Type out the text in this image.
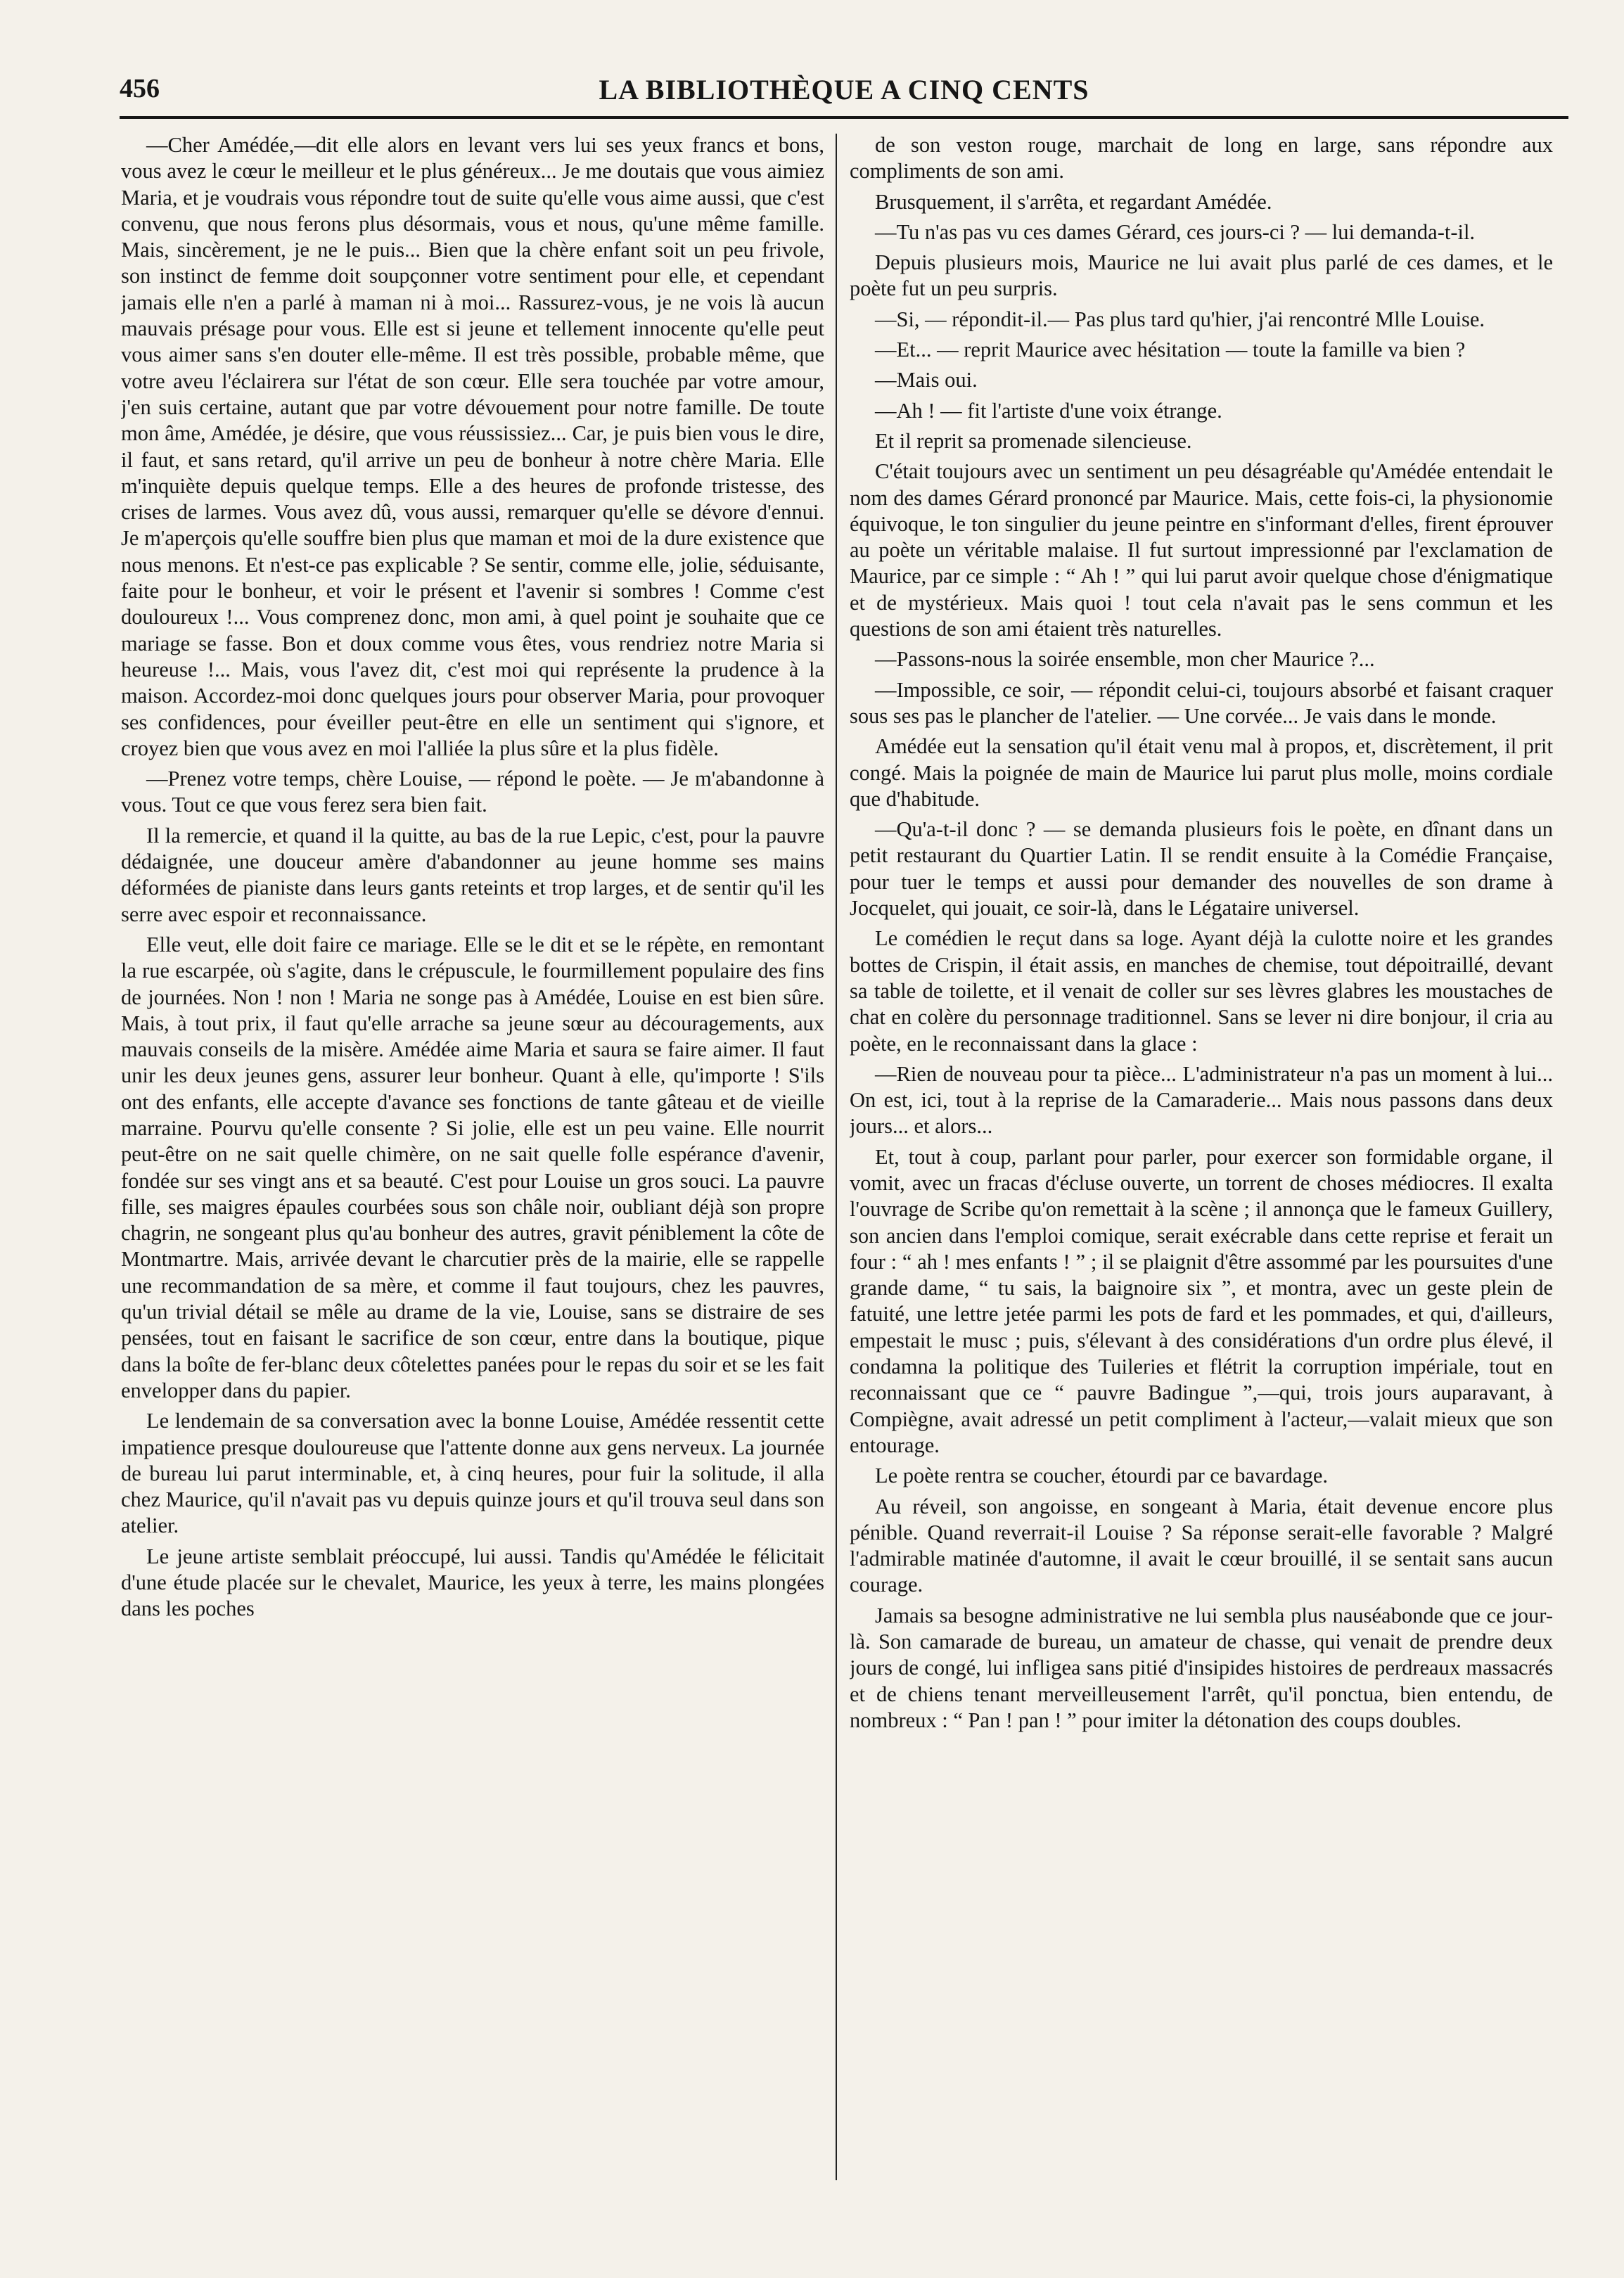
456	LA BIBLIOTHÈQUE A CINQ CENTS

—Cher Amédée,—dit elle alors en levant vers lui ses yeux francs et bons, vous avez le cœur le meilleur et le plus généreux... Je me doutais que vous aimiez Maria, et je voudrais vous répondre tout de suite qu'elle vous aime aussi, que c'est convenu, que nous ferons plus désormais, vous et nous, qu'une même famille. Mais, sincèrement, je ne le puis... Bien que la chère enfant soit un peu frivole, son instinct de femme doit soupçonner votre sentiment pour elle, et cependant jamais elle n'en a parlé à maman ni à moi... Rassurez-vous, je ne vois là aucun mauvais présage pour vous. Elle est si jeune et tellement innocente qu'elle peut vous aimer sans s'en douter elle-même. Il est très possible, probable même, que votre aveu l'éclairera sur l'état de son cœur. Elle sera touchée par votre amour, j'en suis certaine, autant que par votre dévouement pour notre famille. De toute mon âme, Amédée, je désire, que vous réussissiez... Car, je puis bien vous le dire, il faut, et sans retard, qu'il arrive un peu de bonheur à notre chère Maria. Elle m'inquiète depuis quelque temps. Elle a des heures de profonde tristesse, des crises de larmes. Vous avez dû, vous aussi, remarquer qu'elle se dévore d'ennui. Je m'aperçois qu'elle souffre bien plus que maman et moi de la dure existence que nous menons. Et n'est-ce pas explicable ? Se sentir, comme elle, jolie, séduisante, faite pour le bonheur, et voir le présent et l'avenir si sombres ! Comme c'est douloureux !... Vous comprenez donc, mon ami, à quel point je souhaite que ce mariage se fasse. Bon et doux comme vous êtes, vous rendriez notre Maria si heureuse !... Mais, vous l'avez dit, c'est moi qui représente la prudence à la maison. Accordez-moi donc quelques jours pour observer Maria, pour provoquer ses confidences, pour éveiller peut-être en elle un sentiment qui s'ignore, et croyez bien que vous avez en moi l'alliée la plus sûre et la plus fidèle.

—Prenez votre temps, chère Louise, — répond le poète. — Je m'abandonne à vous. Tout ce que vous ferez sera bien fait.

Il la remercie, et quand il la quitte, au bas de la rue Lepic, c'est, pour la pauvre dédaignée, une douceur amère d'abandonner au jeune homme ses mains déformées de pianiste dans leurs gants reteints et trop larges, et de sentir qu'il les serre avec espoir et reconnaissance.

Elle veut, elle doit faire ce mariage. Elle se le dit et se le répète, en remontant la rue escarpée, où s'agite, dans le crépuscule, le fourmillement populaire des fins de journées. Non ! non ! Maria ne songe pas à Amédée, Louise en est bien sûre. Mais, à tout prix, il faut qu'elle arrache sa jeune sœur au découragements, aux mauvais conseils de la misère. Amédée aime Maria et saura se faire aimer. Il faut unir les deux jeunes gens, assurer leur bonheur. Quant à elle, qu'importe ! S'ils ont des enfants, elle accepte d'avance ses fonctions de tante gâteau et de vieille marraine. Pourvu qu'elle consente ? Si jolie, elle est un peu vaine. Elle nourrit peut-être on ne sait quelle chimère, on ne sait quelle folle espérance d'avenir, fondée sur ses vingt ans et sa beauté. C'est pour Louise un gros souci. La pauvre fille, ses maigres épaules courbées sous son châle noir, oubliant déjà son propre chagrin, ne songeant plus qu'au bonheur des autres, gravit péniblement la côte de Montmartre. Mais, arrivée devant le charcutier près de la mairie, elle se rappelle une recommandation de sa mère, et comme il faut toujours, chez les pauvres, qu'un trivial détail se mêle au drame de la vie, Louise, sans se distraire de ses pensées, tout en faisant le sacrifice de son cœur, entre dans la boutique, pique dans la boîte de fer-blanc deux côtelettes panées pour le repas du soir et se les fait envelopper dans du papier.

Le lendemain de sa conversation avec la bonne Louise, Amédée ressentit cette impatience presque douloureuse que l'attente donne aux gens nerveux. La journée de bureau lui parut interminable, et, à cinq heures, pour fuir la solitude, il alla chez Maurice, qu'il n'avait pas vu depuis quinze jours et qu'il trouva seul dans son atelier.

Le jeune artiste semblait préoccupé, lui aussi. Tandis qu'Amédée le félicitait d'une étude placée sur le chevalet, Maurice, les yeux à terre, les mains plongées dans les poches

de son veston rouge, marchait de long en large, sans répondre aux compliments de son ami.

Brusquement, il s'arrêta, et regardant Amédée.

—Tu n'as pas vu ces dames Gérard, ces jours-ci ? — lui demanda-t-il.

Depuis plusieurs mois, Maurice ne lui avait plus parlé de ces dames, et le poète fut un peu surpris.

—Si, — répondit-il.— Pas plus tard qu'hier, j'ai rencontré Mlle Louise.

—Et... — reprit Maurice avec hésitation — toute la famille va bien ?

—Mais oui.

—Ah ! — fit l'artiste d'une voix étrange.

Et il reprit sa promenade silencieuse.

C'était toujours avec un sentiment un peu désagréable qu'Amédée entendait le nom des dames Gérard prononcé par Maurice. Mais, cette fois-ci, la physionomie équivoque, le ton singulier du jeune peintre en s'informant d'elles, firent éprouver au poète un véritable malaise. Il fut surtout impressionné par l'exclamation de Maurice, par ce simple : “ Ah ! ” qui lui parut avoir quelque chose d'énigmatique et de mystérieux. Mais quoi ! tout cela n'avait pas le sens commun et les questions de son ami étaient très naturelles.

—Passons-nous la soirée ensemble, mon cher Maurice ?...

—Impossible, ce soir, — répondit celui-ci, toujours absorbé et faisant craquer sous ses pas le plancher de l'atelier. — Une corvée... Je vais dans le monde.

Amédée eut la sensation qu'il était venu mal à propos, et, discrètement, il prit congé. Mais la poignée de main de Maurice lui parut plus molle, moins cordiale que d'habitude.

—Qu'a-t-il donc ? — se demanda plusieurs fois le poète, en dînant dans un petit restaurant du Quartier Latin. Il se rendit ensuite à la Comédie Française, pour tuer le temps et aussi pour demander des nouvelles de son drame à Jocquelet, qui jouait, ce soir-là, dans le Légataire universel.

Le comédien le reçut dans sa loge. Ayant déjà la culotte noire et les grandes bottes de Crispin, il était assis, en manches de chemise, tout dépoitraillé, devant sa table de toilette, et il venait de coller sur ses lèvres glabres les moustaches de chat en colère du personnage traditionnel. Sans se lever ni dire bonjour, il cria au poète, en le reconnaissant dans la glace :

—Rien de nouveau pour ta pièce... L'administrateur n'a pas un moment à lui... On est, ici, tout à la reprise de la Camaraderie... Mais nous passons dans deux jours... et alors...

Et, tout à coup, parlant pour parler, pour exercer son formidable organe, il vomit, avec un fracas d'écluse ouverte, un torrent de choses médiocres. Il exalta l'ouvrage de Scribe qu'on remettait à la scène ; il annonça que le fameux Guillery, son ancien dans l'emploi comique, serait exécrable dans cette reprise et ferait un four : “ ah ! mes enfants ! ” ; il se plaignit d'être assommé par les poursuites d'une grande dame, “ tu sais, la baignoire six ”, et montra, avec un geste plein de fatuité, une lettre jetée parmi les pots de fard et les pommades, et qui, d'ailleurs, empestait le musc ; puis, s'élevant à des considérations d'un ordre plus élevé, il condamna la politique des Tuileries et flétrit la corruption impériale, tout en reconnaissant que ce “ pauvre Badingue ”,—qui, trois jours auparavant, à Compiègne, avait adressé un petit compliment à l'acteur,—valait mieux que son entourage.

Le poète rentra se coucher, étourdi par ce bavardage.

Au réveil, son angoisse, en songeant à Maria, était devenue encore plus pénible. Quand reverrait-il Louise ? Sa réponse serait-elle favorable ? Malgré l'admirable matinée d'automne, il avait le cœur brouillé, il se sentait sans aucun courage.

Jamais sa besogne administrative ne lui sembla plus nauséabonde que ce jour-là. Son camarade de bureau, un amateur de chasse, qui venait de prendre deux jours de congé, lui infligea sans pitié d'insipides histoires de perdreaux massacrés et de chiens tenant merveilleusement l'arrêt, qu'il ponctua, bien entendu, de nombreux : “ Pan ! pan ! ” pour imiter la détonation des coups doubles.
